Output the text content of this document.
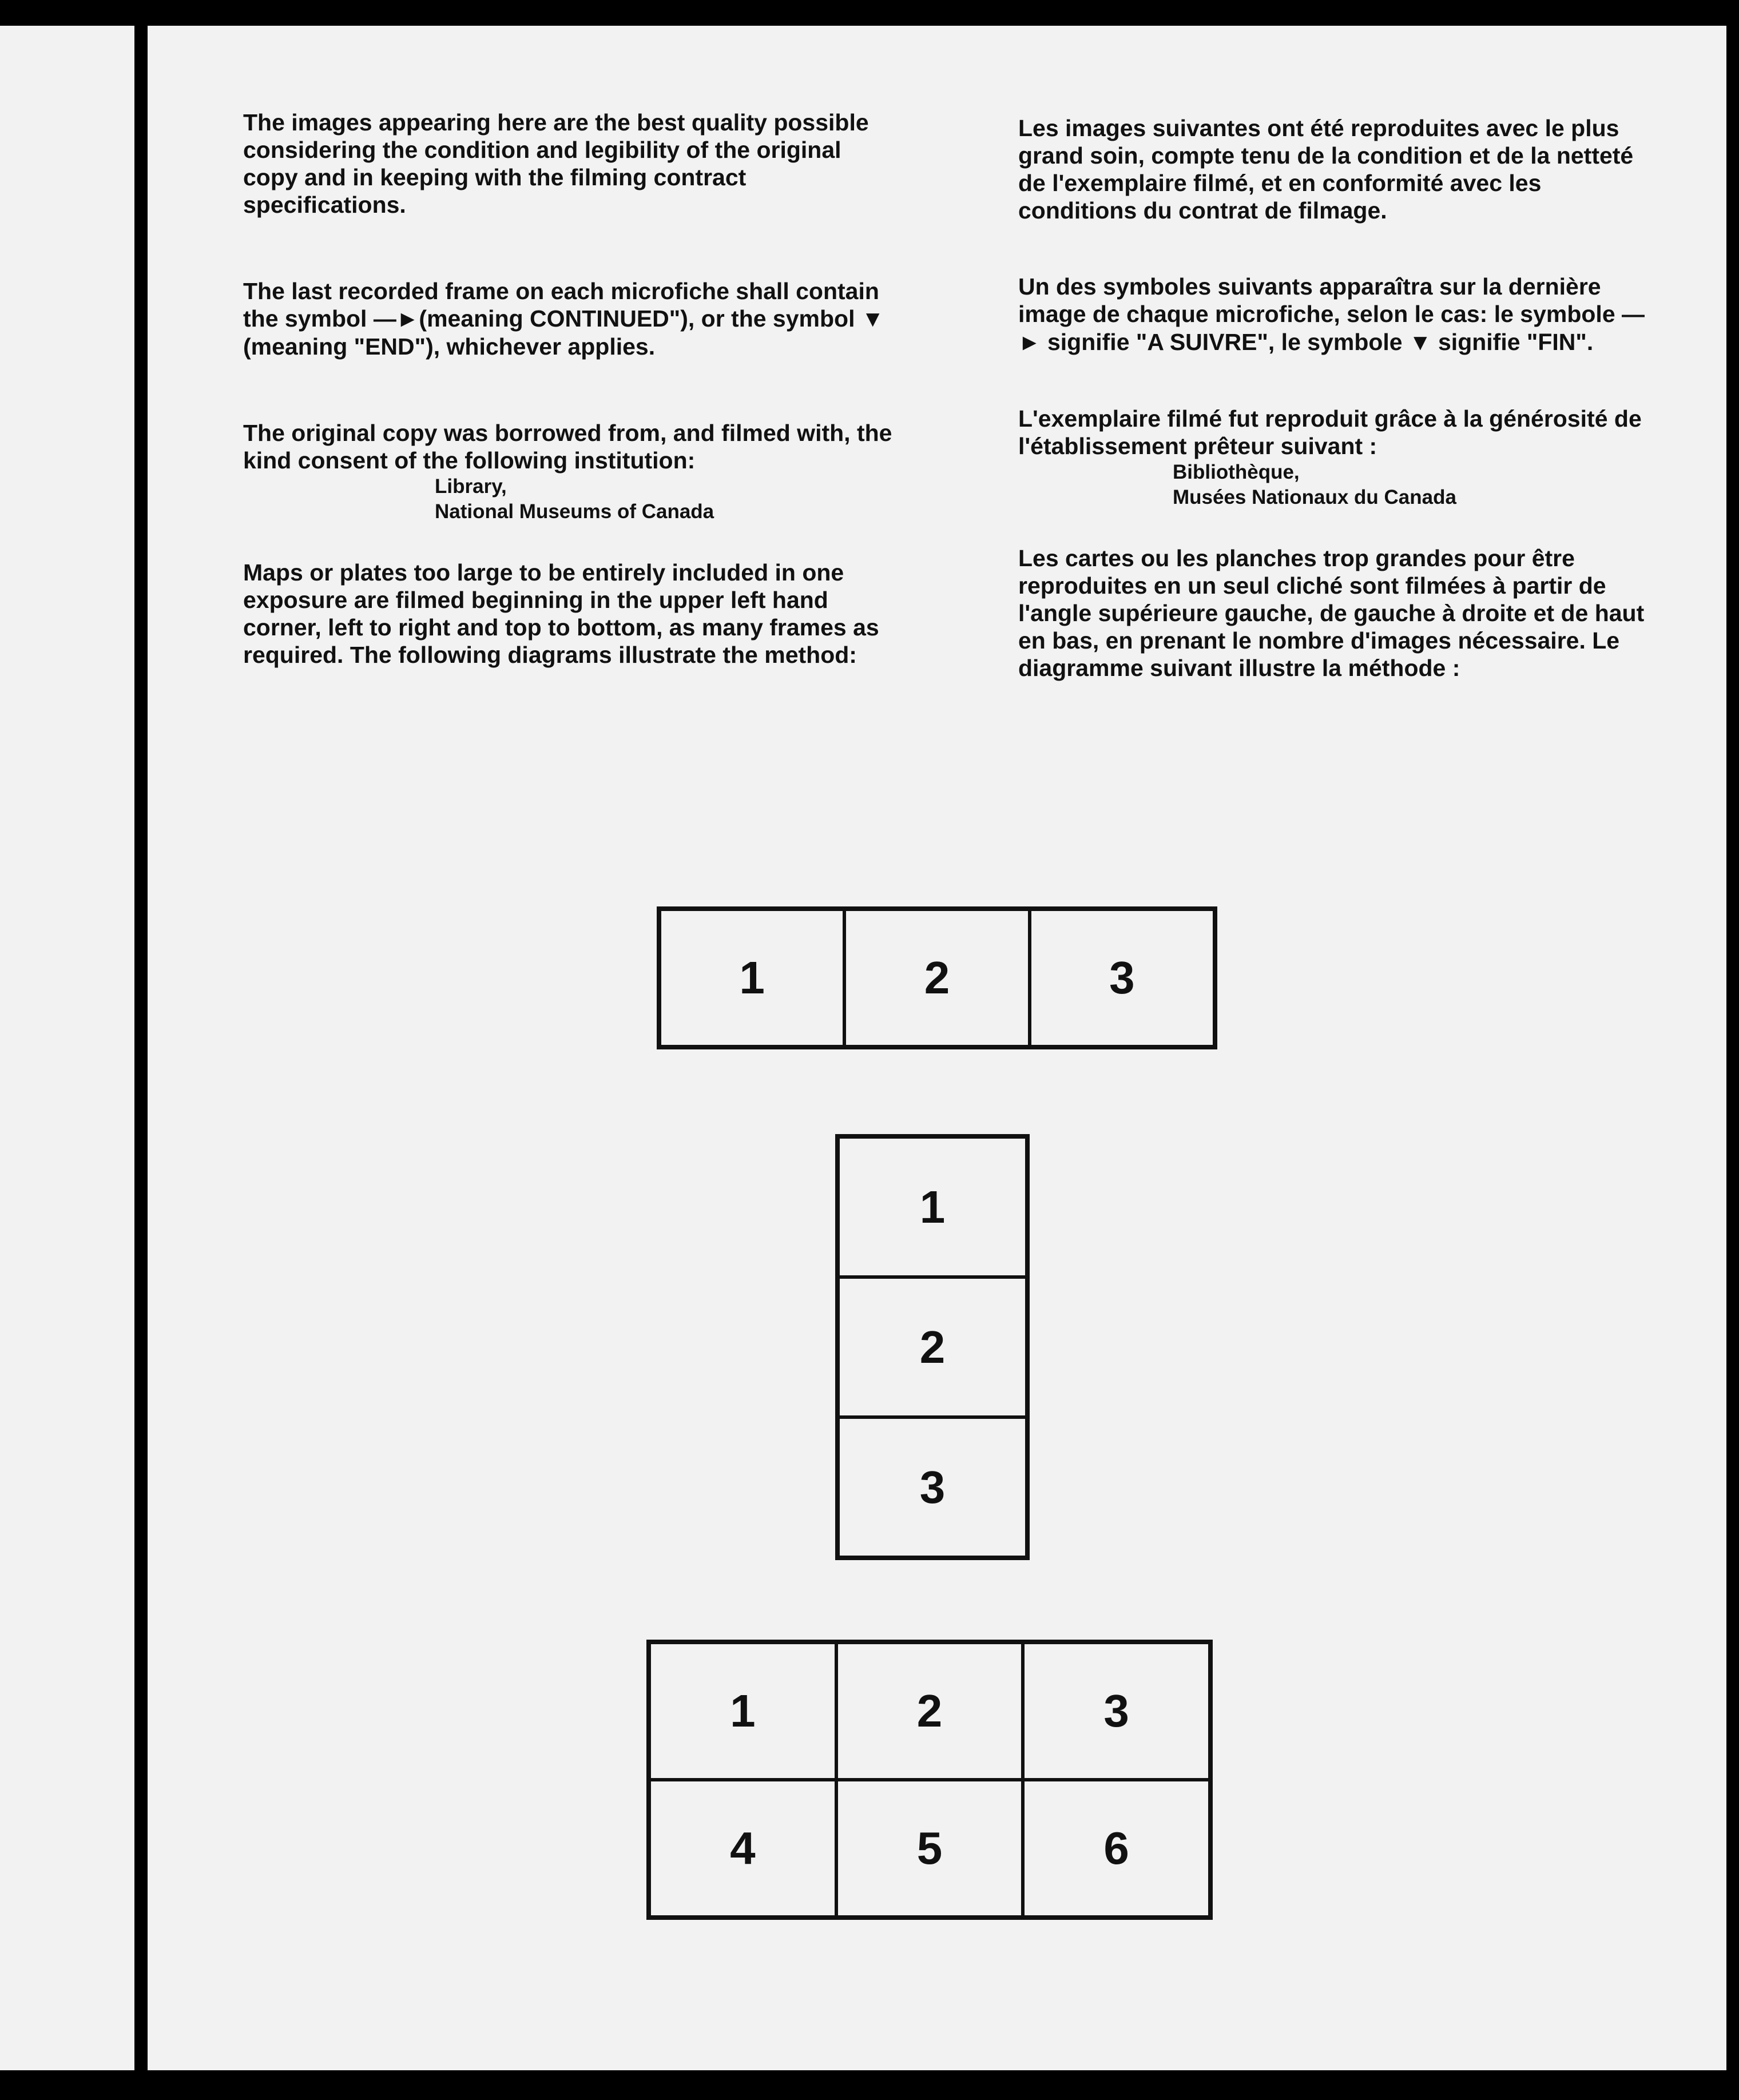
The images appearing here are the best quality possible considering the condition and legibility of the original copy and in keeping with the filming contract specifications.

The last recorded frame on each microfiche shall contain the symbol —►(meaning CONTINUED"), or the symbol ▼ (meaning "END"), whichever applies.

The original copy was borrowed from, and filmed with, the kind consent of the following institution:

Library,
National Museums of Canada

Maps or plates too large to be entirely included in one exposure are filmed beginning in the upper left hand corner, left to right and top to bottom, as many frames as required. The following diagrams illustrate the method:

Les images suivantes ont été reproduites avec le plus grand soin, compte tenu de la condition et de la netteté de l'exemplaire filmé, et en conformité avec les conditions du contrat de filmage.

Un des symboles suivants apparaîtra sur la dernière image de chaque microfiche, selon le cas: le symbole —► signifie "A SUIVRE", le symbole ▼ signifie "FIN".

L'exemplaire filmé fut reproduit grâce à la générosité de l'établissement prêteur suivant :

Bibliothèque,
Musées Nationaux du Canada

Les cartes ou les planches trop grandes pour être reproduites en un seul cliché sont filmées à partir de l'angle supérieure gauche, de gauche à droite et de haut en bas, en prenant le nombre d'images nécessaire. Le diagramme suivant illustre la méthode :

1	2	3
1
2
3
1	2	3
4	5	6
